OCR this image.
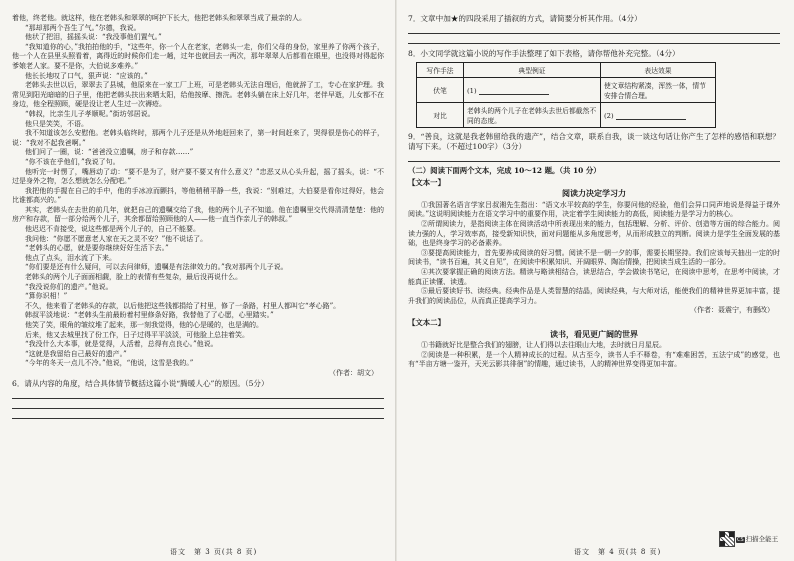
着他，终老他。就这样，他在老韩头和翠翠的呵护下长大，他把老韩头和翠翠当成了最亲的人。

“那却那两个吾生了气。”尔德，我说。

他状了把泪，摇摇头说：“我没事他们置气。”

“我知道你的心，”我拍拍他的手，“这些年，你一个人在老家，老韩头一走，你们父母的身份，家里养了你两个孩子，他一个人在县里头照看着，离得近的时候你们走一趟，过年也就回去一两次，那年翠翠人后都看在眼里，也没得对得起你爹娘老人家。要不是你，大伯说多难养。”

他长长地叹了口气，狠声说：“应该的。”

老韩头去世以后，翠翠去了县城，他原来在一家工厂上班，可是老韩头无法自理后，他就辞了工，专心在家护理。我常见到阳光暗暗的日子里，他把老韩头扶出来晒太阳，给他按摩、擦洗。老韩头躺在床上好几年，老伴早逝，儿女都不在身边，他全程照顾，硬是没让老人生过一次褥疮。

“韩叔，比亲生儿子孝顺呢。”街坊邻居说。

他只是笑笑，不语。

我不知道该怎么安慰他。老韩头临终时，那两个儿子还是从外地赶回来了，第一时间赶来了，哭得很是伤心的样子，说：“我对不起我爸啊。”

他们问了一圈，说：“爸爸没立遗嘱，房子和存款……”

“你不该在乎他们，”我说了句。

他听完一时愣了，嘴唇动了动：“要不是为了，财产要不要又有什么意义？”忠恶又从心头升起，摇了摇头，说：“不过是身外之物，怎么想就怎么分配吧。”

我把他的手握在自己的手中，他的手冰凉而颤抖，等他稍稍平静一些，我说：“别难过，大伯要是看你过得好，他会比谁都高兴的。”

其实，老韩头在去世的前几年，就把自己的遗嘱交给了我，他的两个儿子不知道。他在遗嘱里交代得清清楚楚：他的房产和存款，留一部分给两个儿子，其余都留给照顾他的人——他一直当作亲儿子的韩叔。”

他迟迟不肯接受，说这些都是两个儿子的，自己不能要。

我问他：“你愿不愿意老人家在天之灵不安？”他不说话了。

“老韩头的心愿，就是要你继续好好生活下去。”

他点了点头，泪水流了下来。

“你们要是还有什么疑问，可以去问律师，遗嘱是有法律效力的。”我对那两个儿子说。

老韩头的两个儿子面面相觑，脸上的表情有些复杂，最后没再说什么。

“我没说你们的遗产。”他说。

“算你识相！”

不久，他来看了老韩头的存款，以后他把这些钱都捐给了村里，修了一条路，村里人都叫它“孝心路”。

韩叔平淡地说：“老韩头生前最盼着村里修条好路，我替他了了心愿，心里踏实。”

他笑了笑，眼角的皱纹堆了起来，那一刻我觉得，他的心是暖的，也是满的。

后来，他又去城里找了份工作，日子过得平平淡淡，可他脸上总挂着笑。

“我没什么大本事，就是觉得，人活着，总得有点良心。”他说。

“这就是我留给自己最好的遗产。”

“今年的冬天一点儿不冷。”他说，“他说，这雪是我的。”

（作者：胡文）

6．请从内容的角度，结合具体情节概括这篇小说“腾暖人心”的原因。（5分）

7．文章中加★的四段采用了插叙的方式，请简要分析其作用。（4分）

8．小文同学就这篇小说的写作手法整理了如下表格，请你帮他补充完整。（4分）

写作手法	典型例证	表达效果
伏笔	(1)	使文章结构紧凑，浑然一体，情节安排合情合理。
对比	老韩头的两个儿子在老韩头去世后都截然不同的态度。	(2)

9．“善良，这就是我老韩留给我的遗产”，结合文章，联系自我，谈一谈这句话让你产生了怎样的感悟和联想？请写下来。（不超过100字）（3分）

（二）阅读下面两个文本，完成 10～12 题。（共 10 分）

【文本一】

阅读力决定学习力

①我国著名语言学家吕叔湘先生指出：“语文水平较高的学生，你要问他的经验，他们会异口同声地说是得益于课外阅读。”这说明阅读能力在语文学习中的重要作用，决定着学生阅读能力的高低，阅读能力是学习力的核心。

②所谓阅读力，是指阅读主体在阅读活动中所表现出来的能力，包括理解、分析、评价、创造等方面的综合能力。阅读力强的人，学习效率高，接受新知识快，面对问题能从多角度思考，从而形成独立的判断。阅读力是学生全面发展的基础，也是终身学习的必备素养。

③要提高阅读能力，首先要养成阅读的好习惯。阅读不是一朝一夕的事，需要长期坚持。我们应该每天抽出一定的时间读书，“读书百遍，其义自见”，在阅读中积累知识、开阔眼界、陶冶情操，把阅读当成生活的一部分。

④其次要掌握正确的阅读方法。精读与略读相结合，读思结合，学会做读书笔记，在阅读中思考，在思考中阅读，才能真正读懂、读透。

⑤最后要读好书、读经典。经典作品是人类智慧的结晶，阅读经典，与大师对话，能使我们的精神世界更加丰富，提升我们的阅读品位，从而真正提高学习力。

（作者：聂震宁，有删改）

【文本二】

读书，看见更广阔的世界

①书籍就好比是整合我们的翅膀，让人们得以去往眼山大地，去时就日月星辰。

②阅读是一种积累，是一个人精神成长的过程。从古至今，读书人手不释卷，有“难难困苦，五法宁成”的感觉，也有“半亩方塘一鉴开，天光云影共徘徊”的情趣，通过读书，人的精神世界变得更加丰富。

语文　第 3 页(共 8 页)	语文　第 4 页(共 8 页)
CS 扫描全能王
